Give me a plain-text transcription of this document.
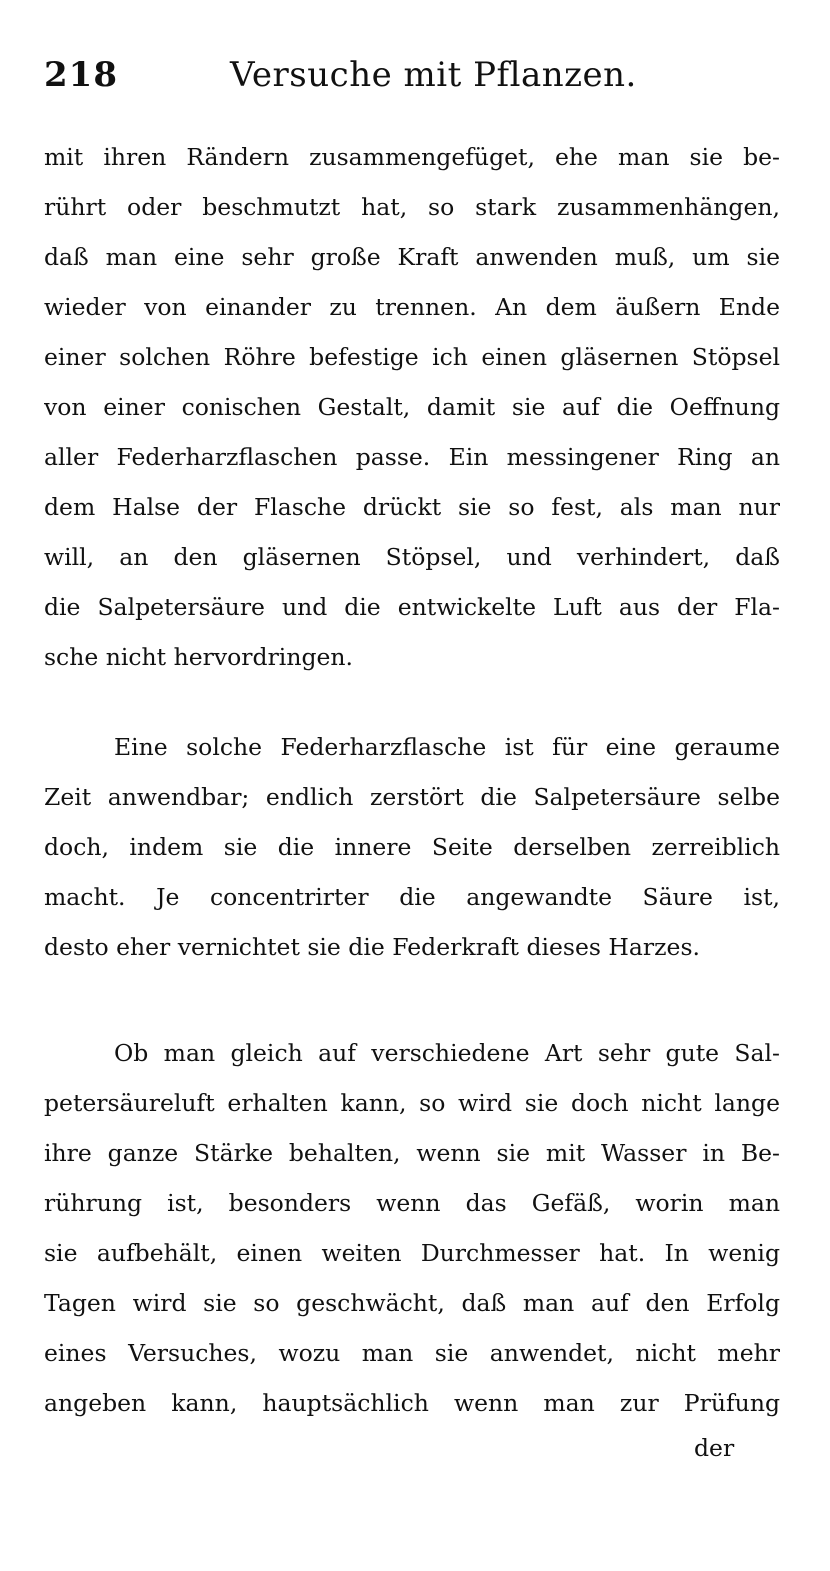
218	Versuche mit Pflanzen.
mit ihren Rändern zusammengefüget, ehe man sie be-
rührt oder beschmutzt hat, so stark zusammenhängen,
daß man eine sehr große Kraft anwenden muß, um sie
wieder von einander zu trennen. An dem äußern Ende
einer solchen Röhre befestige ich einen gläsernen Stöpsel
von einer conischen Gestalt, damit sie auf die Oeffnung
aller Federharzflaschen passe. Ein messingener Ring an
dem Halse der Flasche drückt sie so fest, als man nur
will, an den gläsernen Stöpsel, und verhindert, daß
die Salpetersäure und die entwickelte Luft aus der Fla-
sche nicht hervordringen.
Eine solche Federharzflasche ist für eine geraume
Zeit anwendbar; endlich zerstört die Salpetersäure selbe
doch, indem sie die innere Seite derselben zerreiblich
macht. Je concentrirter die angewandte Säure ist,
desto eher vernichtet sie die Federkraft dieses Harzes.
Ob man gleich auf verschiedene Art sehr gute Sal-
petersäureluft erhalten kann, so wird sie doch nicht lange
ihre ganze Stärke behalten, wenn sie mit Wasser in Be-
rührung ist, besonders wenn das Gefäß, worin man
sie aufbehält, einen weiten Durchmesser hat. In wenig
Tagen wird sie so geschwächt, daß man auf den Erfolg
eines Versuches, wozu man sie anwendet, nicht mehr
angeben kann, hauptsächlich wenn man zur Prüfung
der
